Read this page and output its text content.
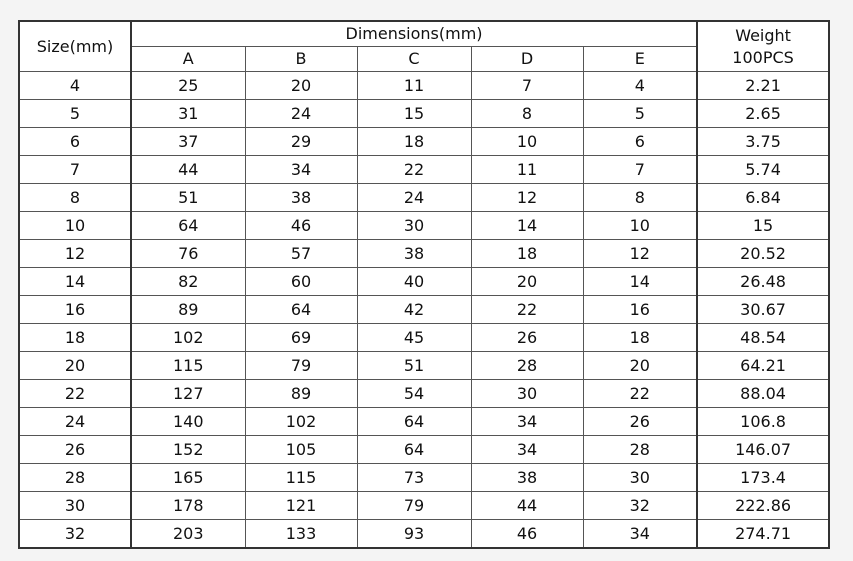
Size(mm)	Dimensions(mm)					Weight
100PCS

	A	B	C	D	E	
4	25	20	11	7	4	2.21
5	31	24	15	8	5	2.65
6	37	29	18	10	6	3.75
7	44	34	22	11	7	5.74
8	51	38	24	12	8	6.84
10	64	46	30	14	10	15
12	76	57	38	18	12	20.52
14	82	60	40	20	14	26.48
16	89	64	42	22	16	30.67
18	102	69	45	26	18	48.54
20	115	79	51	28	20	64.21
22	127	89	54	30	22	88.04
24	140	102	64	34	26	106.8
26	152	105	64	34	28	146.07
28	165	115	73	38	30	173.4
30	178	121	79	44	32	222.86
32	203	133	93	46	34	274.71
